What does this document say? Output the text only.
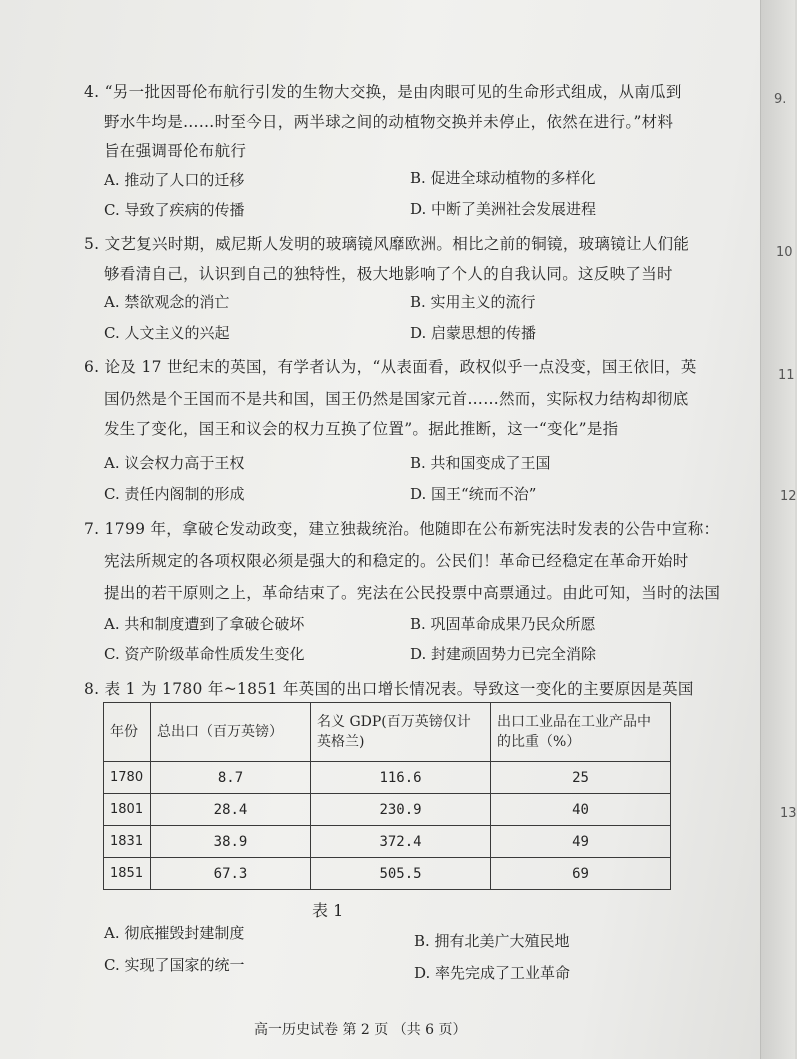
9.
10
11
12
13
4. “另一批因哥伦布航行引发的生物大交换，是由肉眼可见的生命形式组成，从南瓜到
野水牛均是……时至今日，两半球之间的动植物交换并未停止，依然在进行。”材料
旨在强调哥伦布航行
A. 推动了人口的迁移	B. 促进全球动植物的多样化
C. 导致了疾病的传播	D. 中断了美洲社会发展进程
5. 文艺复兴时期，威尼斯人发明的玻璃镜风靡欧洲。相比之前的铜镜，玻璃镜让人们能
够看清自己，认识到自己的独特性，极大地影响了个人的自我认同。这反映了当时
A. 禁欲观念的消亡	B. 实用主义的流行
C. 人文主义的兴起	D. 启蒙思想的传播
6. 论及 17 世纪末的英国，有学者认为，“从表面看，政权似乎一点没变，国王依旧，英
国仍然是个王国而不是共和国，国王仍然是国家元首……然而，实际权力结构却彻底
发生了变化，国王和议会的权力互换了位置”。据此推断，这一“变化”是指
A. 议会权力高于王权	B. 共和国变成了王国
C. 责任内阁制的形成	D. 国王“统而不治”
7. 1799 年，拿破仑发动政变，建立独裁统治。他随即在公布新宪法时发表的公告中宣称：
宪法所规定的各项权限必须是强大的和稳定的。公民们！革命已经稳定在革命开始时
提出的若干原则之上，革命结束了。宪法在公民投票中高票通过。由此可知，当时的法国
A. 共和制度遭到了拿破仑破坏	B. 巩固革命成果乃民众所愿
C. 资产阶级革命性质发生变化	D. 封建顽固势力已完全消除
8. 表 1 为 1780 年~1851 年英国的出口增长情况表。导致这一变化的主要原因是英国
年份	总出口（百万英镑）	名义 GDP(百万英镑仅计英格兰)	出口工业品在工业产品中的比重（%）
1780	8.7	116.6	25
1801	28.4	230.9	40
1831	38.9	372.4	49
1851	67.3	505.5	69
表 1
A. 彻底摧毁封建制度	B. 拥有北美广大殖民地
C. 实现了国家的统一	D. 率先完成了工业革命
高一历史试卷 第 2 页 （共 6 页）
